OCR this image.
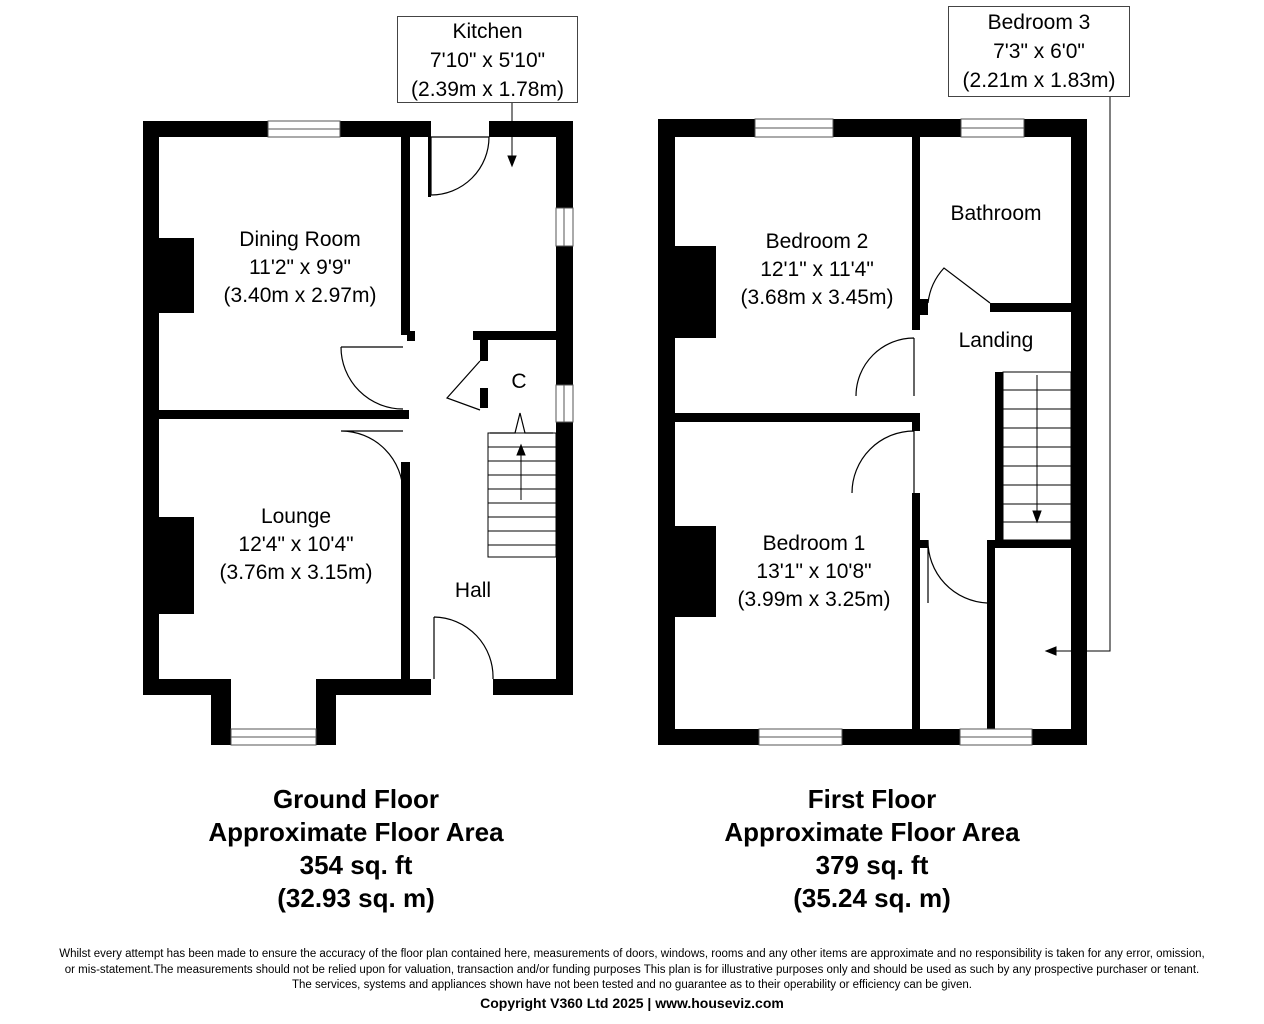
Dining Room
11'2" x 9'9"
(3.40m x 2.97m)
Lounge
12'4" x 10'4"
(3.76m x 3.15m)
C
Hall
Bedroom 2
12'1" x 11'4"
(3.68m x 3.45m)
Bathroom
Landing
Bedroom 1
13'1" x 10'8"
(3.99m x 3.25m)
Kitchen
7'10" x 5'10"
(2.39m x 1.78m)
Bedroom 3
7'3" x 6'0"
(2.21m x 1.83m)
Ground Floor
Approximate Floor Area
354 sq. ft
(32.93 sq. m)
First Floor
Approximate Floor Area
379 sq. ft
(35.24 sq. m)
Whilst every attempt has been made to ensure the accuracy of the floor plan contained here, measurements of doors, windows, rooms and any other items are approximate and no responsibility is taken for any error, omission,
or mis-statement.The measurements should not be relied upon for valuation, transaction and/or funding purposes This plan is for illustrative purposes only and should be used as such by any prospective purchaser or tenant.
The services, systems and appliances shown have not been tested and no guarantee as to their operability or efficiency can be given.
Copyright V360 Ltd 2025 | www.houseviz.com
